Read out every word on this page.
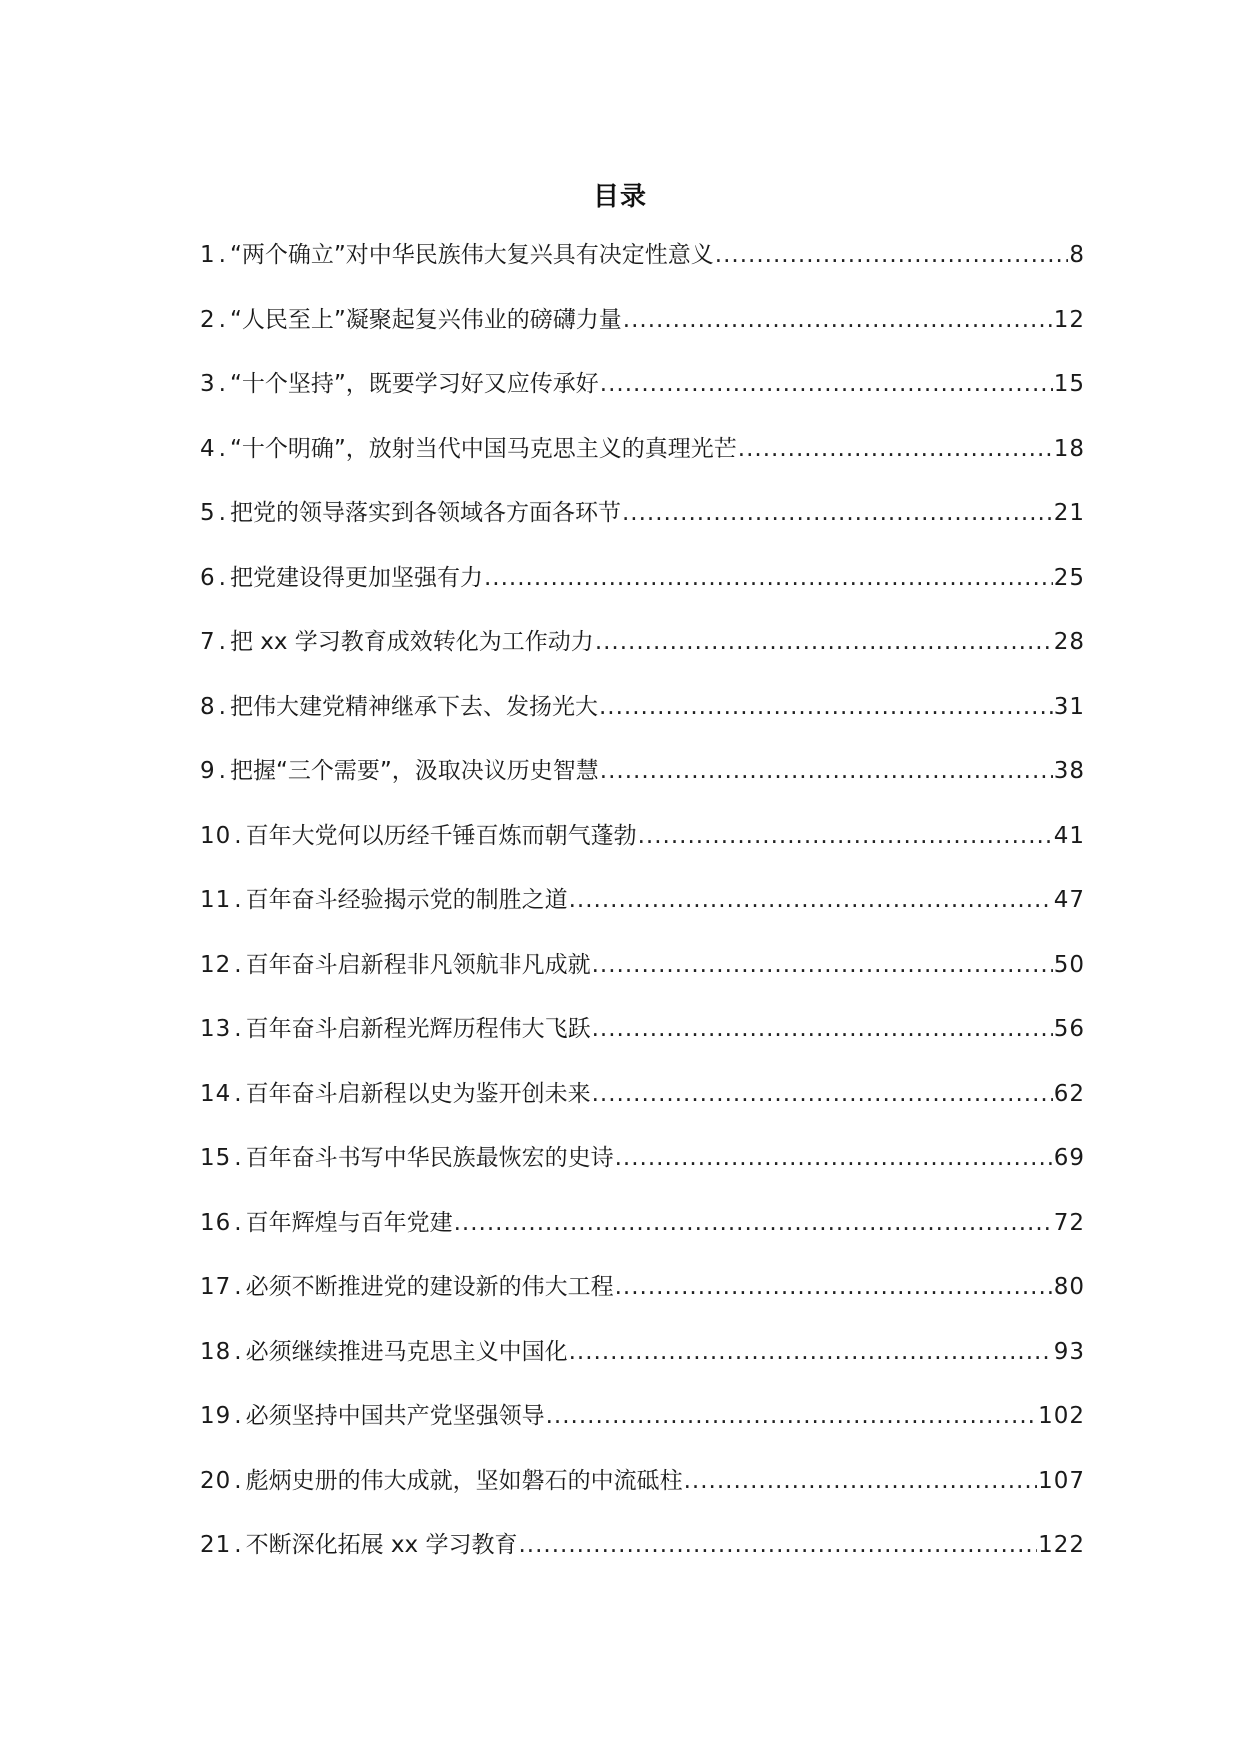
目录
1 . “两个确立”对中华民族伟大复兴具有决定性意义 .....	8
2 . “人民至上”凝聚起复兴伟业的磅礴力量 .....	12
3 . “十个坚持”，既要学习好又应传承好 .....	15
4 . “十个明确”，放射当代中国马克思主义的真理光芒 .....	18
5 . 把党的领导落实到各领域各方面各环节 .....	21
6 . 把党建设得更加坚强有力 .....	25
7 . 把 xx 学习教育成效转化为工作动力 .....	28
8 . 把伟大建党精神继承下去、发扬光大 .....	31
9 . 把握“三个需要”，汲取决议历史智慧 .....	38
10 . 百年大党何以历经千锤百炼而朝气蓬勃 .....	41
11 . 百年奋斗经验揭示党的制胜之道 .....	47
12 . 百年奋斗启新程非凡领航非凡成就 .....	50
13 . 百年奋斗启新程光辉历程伟大飞跃 .....	56
14 . 百年奋斗启新程以史为鉴开创未来 .....	62
15 . 百年奋斗书写中华民族最恢宏的史诗 .....	69
16 . 百年辉煌与百年党建 .....	72
17 . 必须不断推进党的建设新的伟大工程 .....	80
18 . 必须继续推进马克思主义中国化 .....	93
19 . 必须坚持中国共产党坚强领导 .....	102
20 . 彪炳史册的伟大成就，坚如磐石的中流砥柱 .....	107
21 . 不断深化拓展 xx 学习教育 .....	122
